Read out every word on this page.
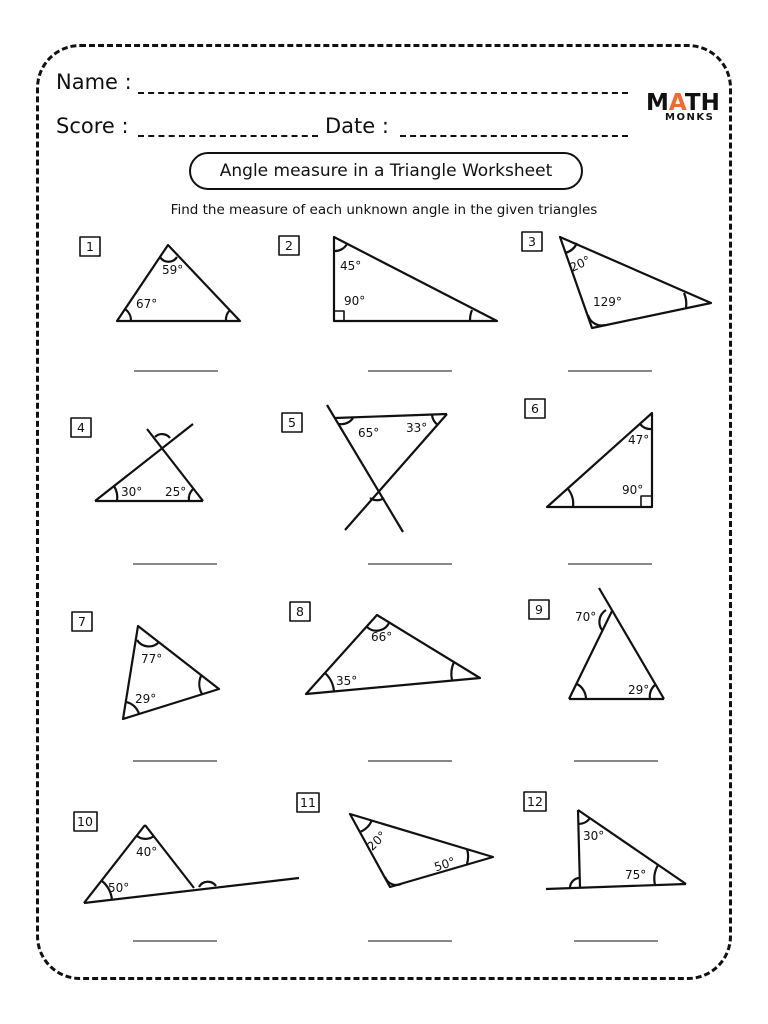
Name :
Score :	Date :
MATH
MONKS
Angle measure in a Triangle Worksheet
Find the measure of each unknown angle in the given triangles
1
59°
67°
2
45°
90°
3
20°
129°
4
30° 25°
5
65° 33°
6
47°
90°
7
77°
29°
8
66°
35°
9	70°
29°
10
40°
50°
11
20°
50°
12
30°
75°
